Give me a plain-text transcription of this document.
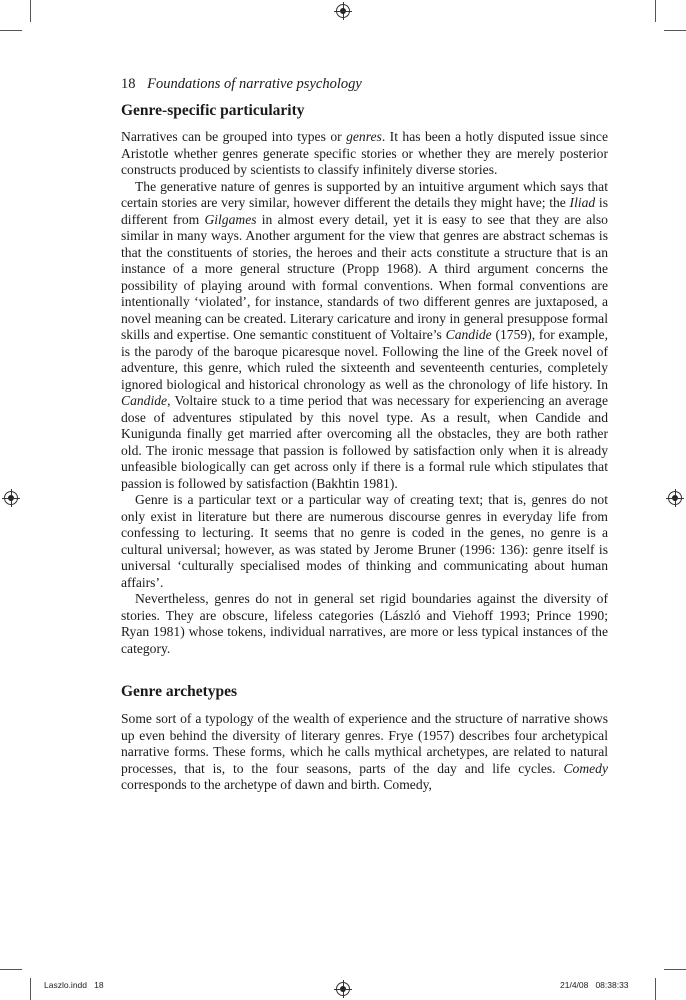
18 Foundations of narrative psychology
Genre-specific particularity

Narratives can be grouped into types or genres. It has been a hotly disputed issue since Aristotle whether genres generate specific stories or whether they are merely posterior constructs produced by scientists to classify infinitely diverse stories.

The generative nature of genres is supported by an intuitive argument which says that certain stories are very similar, however different the details they might have; the Iliad is different from Gilgames in almost every detail, yet it is easy to see that they are also similar in many ways. Another argument for the view that genres are abstract schemas is that the constituents of stories, the heroes and their acts constitute a structure that is an instance of a more general structure (Propp 1968). A third argument concerns the possibility of playing around with formal conventions. When formal conventions are intentionally ‘violated’, for instance, standards of two different genres are juxtaposed, a novel meaning can be created. Literary caricature and irony in general presuppose formal skills and expertise. One semantic constituent of Voltaire’s Candide (1759), for example, is the parody of the baroque picaresque novel. Following the line of the Greek novel of adventure, this genre, which ruled the sixteenth and seventeenth centuries, completely ignored biological and historical chronology as well as the chronology of life history. In Candide, Voltaire stuck to a time period that was necessary for experiencing an average dose of adventures stipulated by this novel type. As a result, when Candide and Kunigunda finally get married after overcoming all the obstacles, they are both rather old. The ironic message that passion is followed by satisfaction only when it is already unfeasible biologically can get across only if there is a formal rule which stipulates that passion is followed by satisfaction (Bakhtin 1981).

Genre is a particular text or a particular way of creating text; that is, genres do not only exist in literature but there are numerous discourse genres in everyday life from confessing to lecturing. It seems that no genre is coded in the genes, no genre is a cultural universal; however, as was stated by Jerome Bruner (1996: 136): genre itself is universal ‘culturally specialised modes of thinking and communicating about human affairs’.

Nevertheless, genres do not in general set rigid boundaries against the diversity of stories. They are obscure, lifeless categories (László and Viehoff 1993; Prince 1990; Ryan 1981) whose tokens, individual narratives, are more or less typical instances of the category.

Genre archetypes

Some sort of a typology of the wealth of experience and the structure of narrative shows up even behind the diversity of literary genres. Frye (1957) describes four archetypical narrative forms. These forms, which he calls mythical archetypes, are related to natural processes, that is, to the four seasons, parts of the day and life cycles. Comedy corresponds to the archetype of dawn and birth. Comedy,

Laszlo.indd   18	21/4/08   08:38:33
